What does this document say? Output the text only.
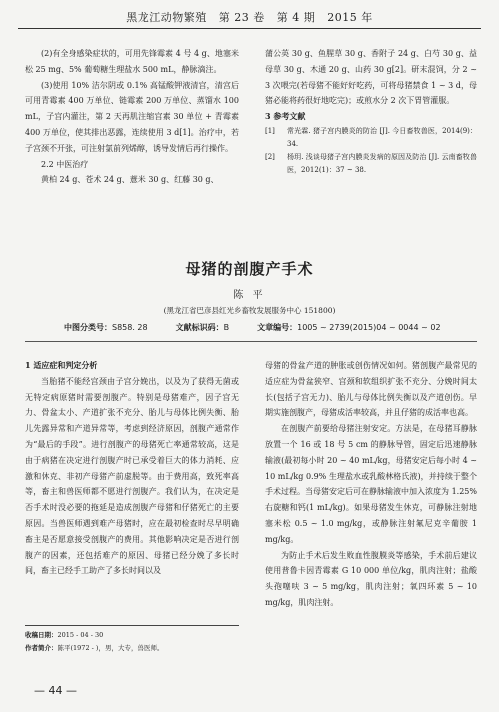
黑龙江动物繁殖 第 23 卷 第 4 期 2015 年

(2)有全身感染症状的，可用先锋霉素 4 号 4 g、地塞米松 25 mg、5% 葡萄糖生理盐水 500 mL，静脉滴注。

(3)使用 10% 洁尔阴或 0.1% 高锰酸钾液清宫，清宫后可用青霉素 400 万单位、链霉素 200 万单位、蒸馏水 100 mL，子宫内灌注，第 2 天再肌注缩宫素 30 单位 + 青霉素 400 万单位，使其排出恶露，连续使用 3 d[1]。治疗中，若子宫颈不开张，可注射氯前列烯醇，诱导发情后再行操作。

2.2 中医治疗

黄柏 24 g、苍术 24 g、薏米 30 g、红藤 30 g、

蒲公英 30 g、鱼腥草 30 g、香附子 24 g、白芍 30 g、益母草 30 g、木通 20 g、山药 30 g[2]。研末混饲，分 2 ~ 3 次喂完(若母猪不能好好吃药，可将母猪禁食 1 ~ 3 d，母猪必能将药很好地吃完)；或煎水分 2 次下胃管灌服。

3 参考文献
[1]	常光霖. 猪子宫内膜炎的防治 [J]. 今日畜牧兽医，2014(9)：34.
[2]	杨玥. 浅谈母猪子宫内膜炎发病的原因及防治 [J]. 云南畜牧兽医，2012(1)：37 ~ 38.
母猪的剖腹产手术
陈 平
(黑龙江省巴彦县红光乡畜牧发展服务中心 151800)
中图分类号：S858. 28	文献标识码：B	文章编号：1005 ~ 2739(2015)04 ~ 0044 ~ 02
1 适应症和判定分析

当胎猪不能经宫颈由子宫分娩出，以及为了获得无菌或无特定病原猪时需要剖腹产。特别是母猪难产，因子宫无力、骨盆太小、产道扩张不充分、胎儿与母体比例失衡、胎儿先露异常和产道异常等，考虑到经济原因，剖腹产通常作为“最后的手段”。进行剖腹产的母猪死亡率通常较高，这是由于病猪在决定进行剖腹产时已承受着巨大的体力消耗、应激和休克、非初产母猪产前虚脱等。由于费用高，致死率高等，畜主和兽医师都不愿进行剖腹产。我们认为，在决定是否手术时没必要的拖延是造成剖腹产母猪和仔猪死亡的主要原因。当兽医师遇到难产母猪时，应在最初检查时尽早明确畜主是否愿意接受剖腹产的费用。其他影响决定是否进行剖腹产的因素，还包括难产的原因、母猪已经分娩了多长时间，畜主已经手工助产了多长时间以及

母猪的骨盆产道的肿胀或创伤情况如何。猪剖腹产最常见的适应症为骨盆狭窄、宫颈和软组织扩张不充分、分娩时间太长(包括子宫无力)、胎儿与母体比例失衡以及产道创伤。早期实施剖腹产，母猪成活率较高，并且仔猪的成活率也高。

在剖腹产前要给母猪注射安定。方法是，在母猪耳静脉放置一个 16 或 18 号 5 cm 的静脉导管，固定后迅速静脉输液(最初每小时 20 ~ 40 mL/kg，母猪安定后每小时 4 ~ 10 mL/kg 0.9% 生理盐水或乳酸林格氏液)，并持续于整个手术过程。当母猪安定后可在静脉输液中加入浓度为 1.25% 右旋糖和钙(1 mL/kg)。如果母猪发生休克，可静脉注射地塞米松 0.5 ~ 1.0 mg/kg，或静脉注射氟尼克辛葡胺 1 mg/kg。

为防止手术后发生败血性腹膜炎等感染，手术前后建议使用普鲁卡因青霉素 G 10 000 单位/kg，肌肉注射；盐酸头孢噻呋 3 ~ 5 mg/kg，肌肉注射；氧四环素 5 ~ 10 mg/kg，肌肉注射。

收稿日期：2015 - 04 - 30
作者简介：陈平(1972 - )，男，大专，兽医师。
— 44 —
